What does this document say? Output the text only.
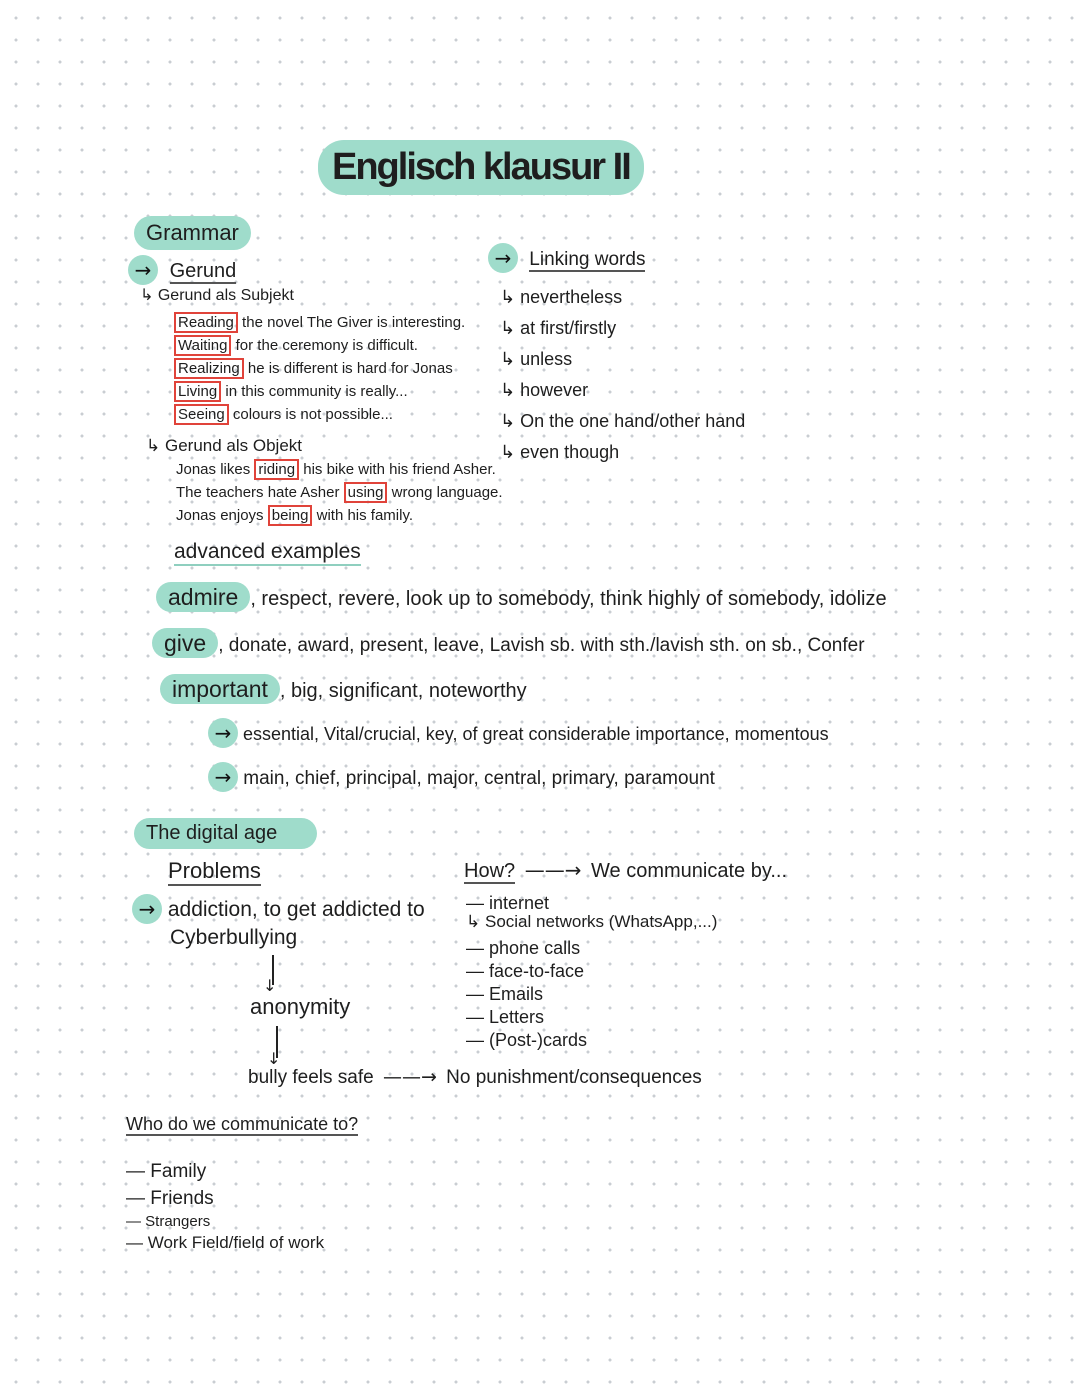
Englisch klausur II
Grammar
→ Gerund
↳ Gerund als Subjekt
Reading the novel The Giver is interesting.
Waiting for the ceremony is difficult.
Realizing he is different is hard for Jonas
Living in this community is really...
Seeing colours is not possible...
↳ Gerund als Objekt
Jonas likes riding his bike with his friend Asher.
The teachers hate Asher using wrong language.
Jonas enjoys being with his family.
advanced examples
→ Linking words
↳ nevertheless
↳ at first/firstly
↳ unless
↳ however
↳ On the one hand/other hand
↳ even though
admire , respect, revere, look up to somebody, think highly of somebody, idolize
give , donate, award, present, leave, Lavish sb. with sth./lavish sth. on sb., Confer
important , big, significant, noteworthy
→ essential, Vital/crucial, key, of great considerable importance, momentous
→ main, chief, principal, major, central, primary, paramount
The digital age
Problems
→ addiction, to get addicted to
Cyberbullying
↓
anonymity
↓
bully feels safe ——→ No punishment/consequences
How? ——→ We communicate by...
— internet
↳ Social networks (WhatsApp,...)
— phone calls
— face-to-face
— Emails
— Letters
— (Post-)cards
Who do we communicate to?
— Family
— Friends
— Strangers
— Work Field/field of work
